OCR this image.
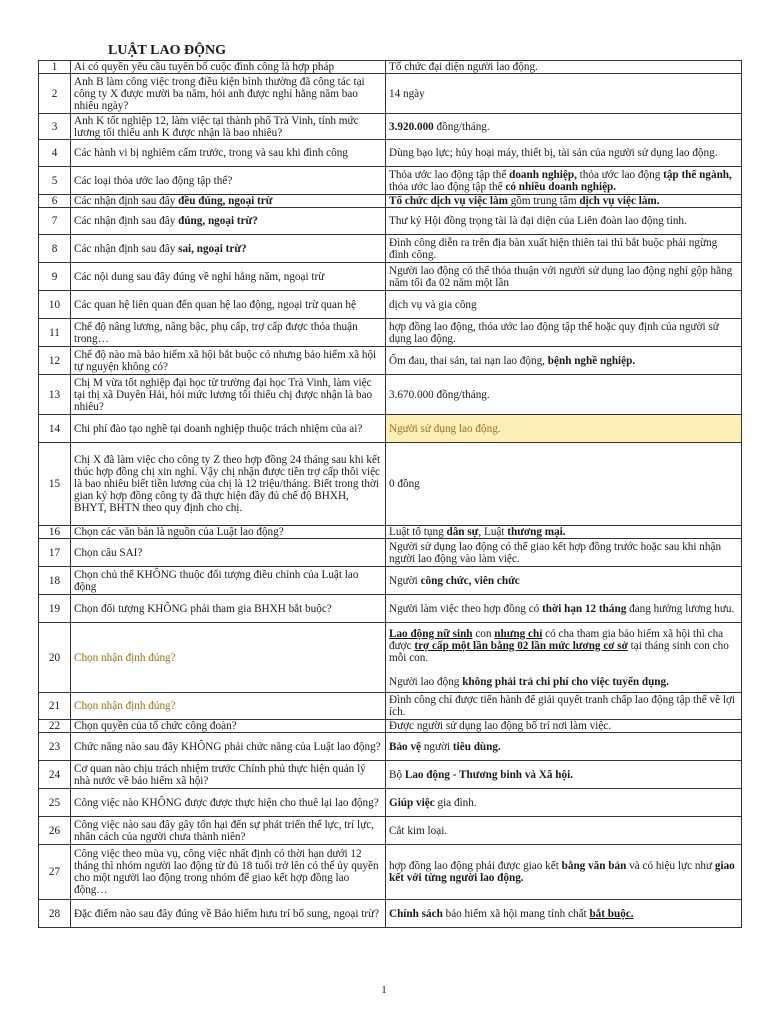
LUẬT LAO ĐỘNG
1	Ai có quyền yêu cầu tuyên bố cuộc đình công là hợp pháp	Tổ chức đại diện người lao động.
2	Anh B làm công việc trong điều kiện bình thường đã công tác tại công ty X được mười ba năm, hỏi anh được nghỉ hằng năm bao nhiêu ngày?	14 ngày
3	Anh K tốt nghiệp 12, làm việc tại thành phố Trà Vinh, tính mức lương tối thiểu anh K được nhận là bao nhiêu?	3.920.000 đồng/tháng.
4	Các hành vi bị nghiêm cấm trước, trong và sau khi đình công	Dùng bạo lực; hủy hoại máy, thiết bị, tài sản của người sử dụng lao động.
5	Các loại thỏa ước lao động tập thể?	Thỏa ước lao động tập thể doanh nghiệp, thỏa ước lao động tập thể ngành, thỏa ước lao động tập thể có nhiều doanh nghiệp.
6	Các nhận định sau đây đều đúng, ngoại trừ	Tổ chức dịch vụ việc làm gồm trung tâm dịch vụ việc làm.
7	Các nhận định sau đây đúng, ngoại trừ?	Thư ký Hội đồng trọng tài là đại diện của Liên đoàn lao động tỉnh.
8	Các nhận định sau đây sai, ngoại trừ?	Đình công diễn ra trên địa bàn xuất hiện thiên tai thì bắt buộc phải ngừng đình công.
9	Các nội dung sau đây đúng về nghỉ hằng năm, ngoại trừ	Người lao động có thể thỏa thuận với người sử dụng lao động nghỉ gộp hằng năm tối đa 02 năm một lần
10	Các quan hệ liên quan đến quan hệ lao động, ngoại trừ quan hệ	dịch vụ và gia công
11	Chế độ nâng lương, nâng bậc, phụ cấp, trợ cấp được thỏa thuận trong…	hợp đồng lao động, thỏa ước lao động tập thể hoặc quy định của người sử dụng lao động.
12	Chế độ nào mà bảo hiểm xã hội bắt buộc có nhưng bảo hiểm xã hội tự nguyện không có?	Ốm đau, thai sản, tai nạn lao động, bệnh nghề nghiệp.
13	Chị M vừa tốt nghiệp đại học từ trường đại học Trà Vinh, làm việc tại thị xã Duyên Hải, hỏi mức lương tối thiểu chị được nhận là bao nhiêu?	3.670.000 đồng/tháng.
14	Chi phí đào tạo nghề tại doanh nghiệp thuộc trách nhiệm của ai?	Người sử dụng lao động.
15	Chị X đã làm việc cho công ty Z theo hợp đồng 24 tháng sau khi kết thúc hợp đồng chị xin nghỉ. Vậy chị nhận được tiền trợ cấp thôi việc là bao nhiêu biết tiền lương của chị là 12 triệu/tháng. Biết trong thời gian ký hợp đồng công ty đã thực hiện đầy đủ chế độ BHXH, BHYT, BHTN theo quy định cho chị.	0 đồng
16	Chọn các văn bản là nguồn của Luật lao động?	Luật tố tụng dân sự, Luật thương mại.
17	Chọn câu SAI?	Người sử dụng lao động có thể giao kết hợp đồng trước hoặc sau khi nhận người lao động vào làm việc.
18	Chọn chủ thể KHÔNG thuộc đối tượng điều chỉnh của Luật lao động	Người công chức, viên chức
19	Chọn đối tượng KHÔNG phải tham gia BHXH bắt buộc?	Người làm việc theo hợp đồng có thời hạn 12 tháng đang hưởng lương hưu.
20	Chọn nhận định đúng?	Lao động nữ sinh con nhưng chỉ có cha tham gia bảo hiểm xã hội thì cha được trợ cấp một lần bằng 02 lần mức lương cơ sở tại tháng sinh con cho mỗi con.

Người lao động không phải trả chi phí cho việc tuyển dụng.
21	Chọn nhận định đúng?	Đình công chỉ được tiến hành để giải quyết tranh chấp lao động tập thể về lợi ích.
22	Chọn quyền của tổ chức công đoàn?	Được người sử dụng lao động bố trí nơi làm việc.
23	Chức năng nào sau đây KHÔNG phải chức năng của Luật lao động?	Bảo vệ người tiêu dùng.
24	Cơ quan nào chịu trách nhiệm trước Chính phủ thực hiện quản lý nhà nước về bảo hiểm xã hội?	Bộ Lao động - Thương binh và Xã hội.
25	Công việc nào KHÔNG được được thực hiện cho thuê lại lao động?	Giúp việc gia đình.
26	Công việc nào sau đây gây tổn hại đến sự phát triển thể lực, trí lực, nhân cách của người chưa thành niên?	Cắt kim loại.
27	Công việc theo mùa vụ, công việc nhất định có thời hạn dưới 12 tháng thì nhóm người lao động từ đủ 18 tuổi trở lên có thể ủy quyền cho một người lao động trong nhóm để giao kết hợp đồng lao động…	hợp đồng lao động phải được giao kết bằng văn bản và có hiệu lực như giao kết với từng người lao động.
28	Đặc điểm nào sau đây đúng về Bảo hiểm hưu trí bổ sung, ngoại trừ?	Chính sách bảo hiểm xã hội mang tính chất bắt buộc.
1
